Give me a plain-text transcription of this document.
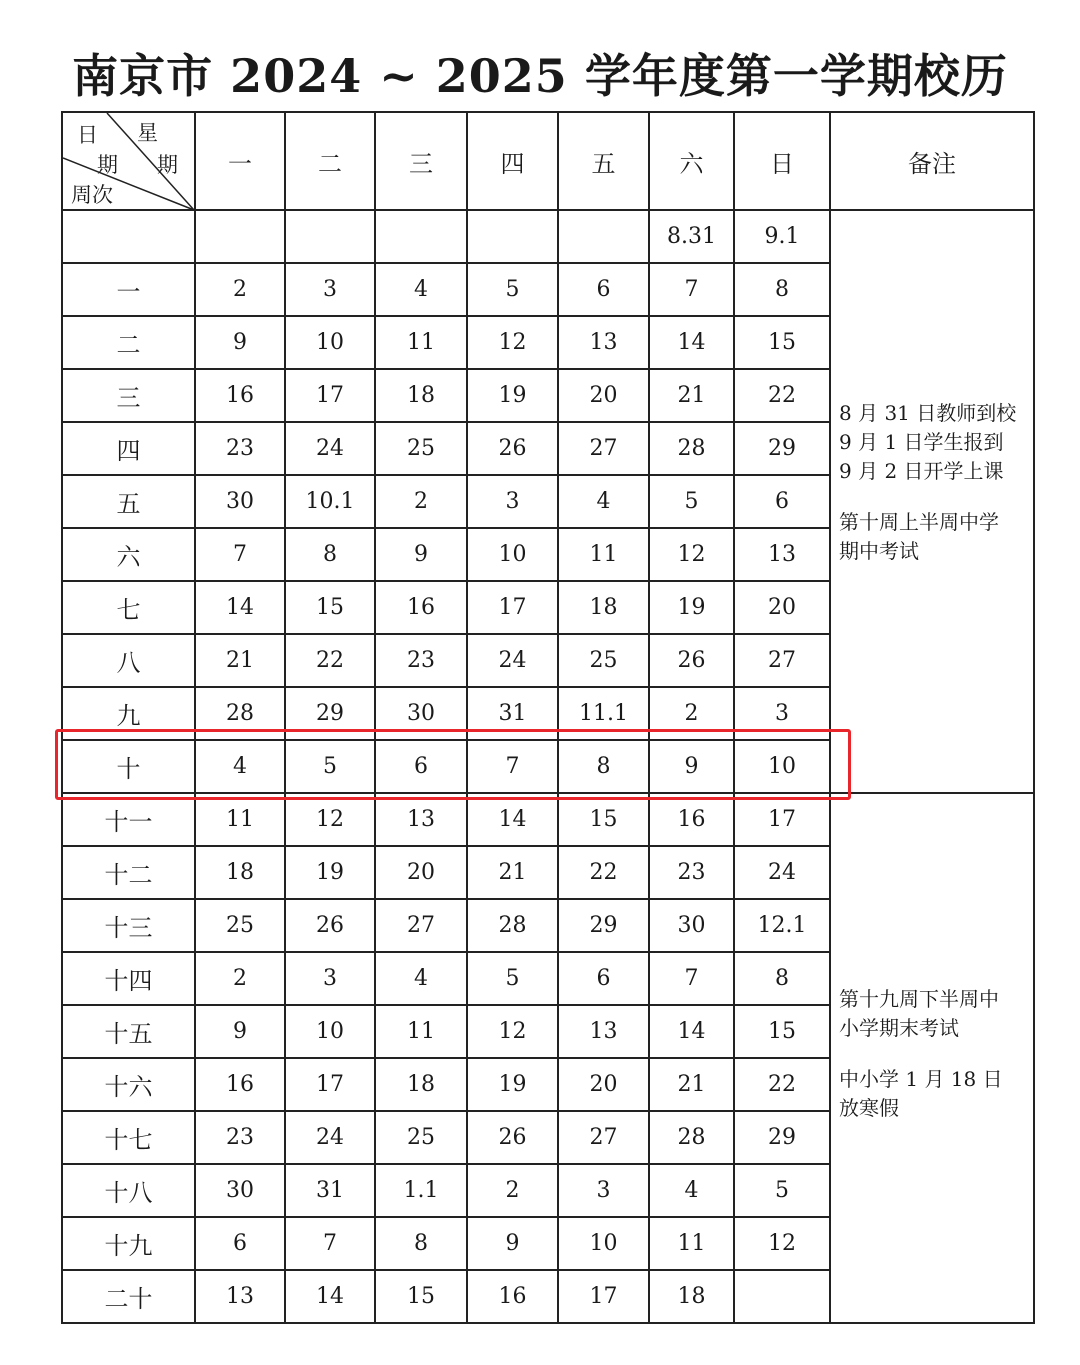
南京市 2024 ~ 2025 学年度第一学期校历
日 星
期 期
周次	一	二	三	四	五	六	日	备注
						8.31	9.1	8 月 31 日教师到校
9 月 1 日学生报到
9 月 2 日开学上课
第十周上半周中学
期中考试

一	2	3	4	5	6	7	8	
二	9	10	11	12	13	14	15	
三	16	17	18	19	20	21	22	
四	23	24	25	26	27	28	29	
五	30	10.1	2	3	4	5	6	
六	7	8	9	10	11	12	13	
七	14	15	16	17	18	19	20	
八	21	22	23	24	25	26	27	
九	28	29	30	31	11.1	2	3	
十	4	5	6	7	8	9	10	
十一	11	12	13	14	15	16	17	第十九周下半周中
小学期末考试
中小学 1 月 18 日
放寒假

十二	18	19	20	21	22	23	24	
十三	25	26	27	28	29	30	12.1	
十四	2	3	4	5	6	7	8	
十五	9	10	11	12	13	14	15	
十六	16	17	18	19	20	21	22	
十七	23	24	25	26	27	28	29	
十八	30	31	1.1	2	3	4	5	
十九	6	7	8	9	10	11	12	
二十	13	14	15	16	17	18		
